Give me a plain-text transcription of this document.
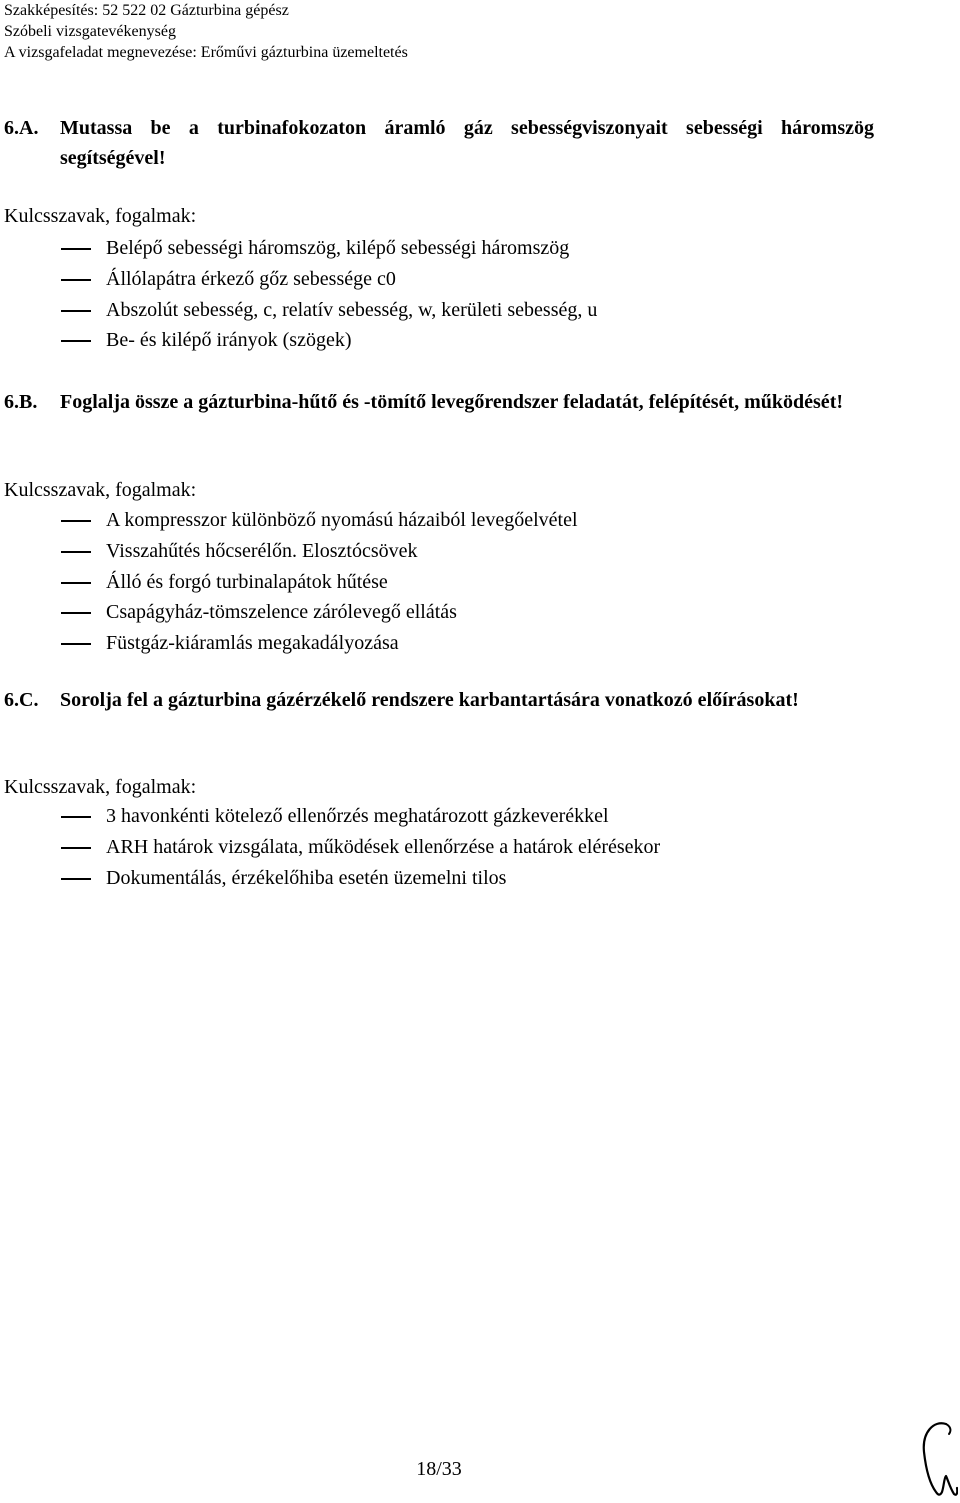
Szakképesítés: 52 522 02 Gázturbina gépész
Szóbeli vizsgatevékenység
A vizsgafeladat megnevezése: Erőművi gázturbina üzemeltetés
6.A.	Mutassa be a turbinafokozaton áramló gáz sebességviszonyait sebességi háromszög segítségével!
Kulcsszavak, fogalmak:
Belépő sebességi háromszög, kilépő sebességi háromszög
Állólapátra érkező gőz sebessége c0
Abszolút sebesség, c, relatív sebesség, w, kerületi sebesség, u
Be- és kilépő irányok (szögek)
6.B.	Foglalja össze a gázturbina-hűtő és -tömítő levegőrendszer feladatát, felépítését, működését!
Kulcsszavak, fogalmak:
A kompresszor különböző nyomású házaiból levegőelvétel
Visszahűtés hőcserélőn. Elosztócsövek
Álló és forgó turbinalapátok hűtése
Csapágyház-tömszelence zárólevegő ellátás
Füstgáz-kiáramlás megakadályozása
6.C.	Sorolja fel a gázturbina gázérzékelő rendszere karbantartására vonatkozó előírásokat!
Kulcsszavak, fogalmak:
3 havonkénti kötelező ellenőrzés meghatározott gázkeverékkel
ARH határok vizsgálata, működések ellenőrzése a határok elérésekor
Dokumentálás, érzékelőhiba esetén üzemelni tilos
18/33
